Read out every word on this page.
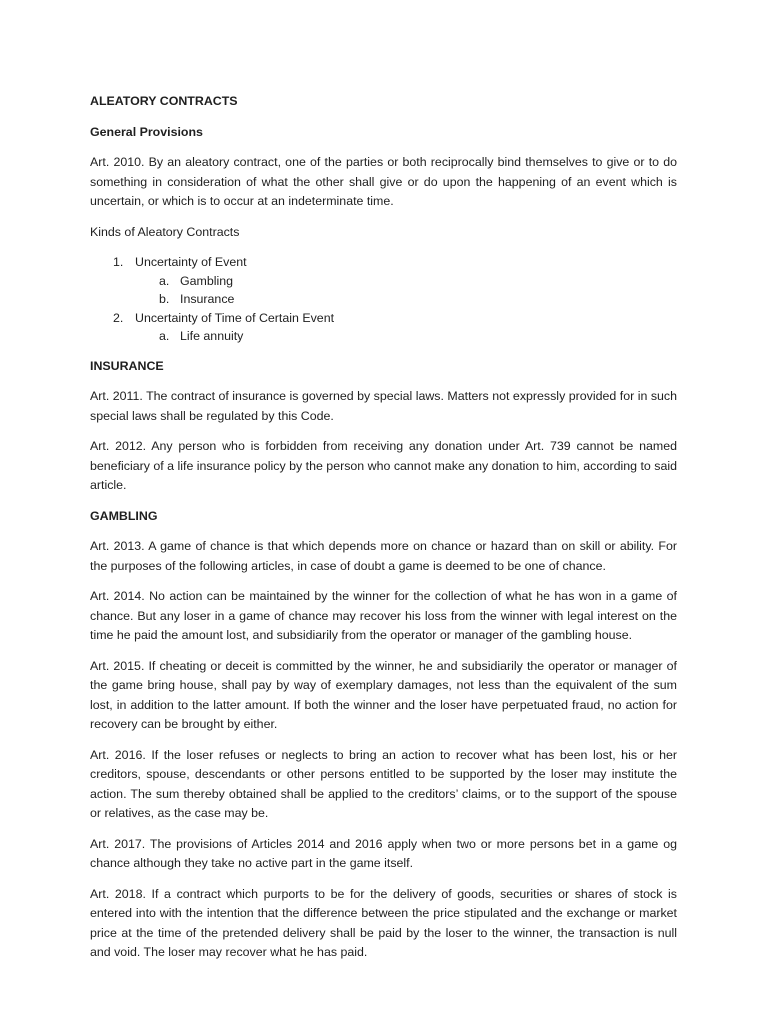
ALEATORY CONTRACTS
General Provisions
Art. 2010. By an aleatory contract, one of the parties or both reciprocally bind themselves to give or to do something in consideration of what the other shall give or do upon the happening of an event which is uncertain, or which is to occur at an indeterminate time.
Kinds of Aleatory Contracts
1. Uncertainty of Event
a. Gambling
b. Insurance
2. Uncertainty of Time of Certain Event
a. Life annuity
INSURANCE
Art. 2011. The contract of insurance is governed by special laws. Matters not expressly provided for in such special laws shall be regulated by this Code.
Art. 2012. Any person who is forbidden from receiving any donation under Art. 739 cannot be named beneficiary of a life insurance policy by the person who cannot make any donation to him, according to said article.
GAMBLING
Art. 2013. A game of chance is that which depends more on chance or hazard than on skill or ability. For the purposes of the following articles, in case of doubt a game is deemed to be one of chance.
Art. 2014. No action can be maintained by the winner for the collection of what he has won in a game of chance. But any loser in a game of chance may recover his loss from the winner with legal interest on the time he paid the amount lost, and subsidiarily from the operator or manager of the gambling house.
Art. 2015. If cheating or deceit is committed by the winner, he and subsidiarily the operator or manager of the game bring house, shall pay by way of exemplary damages, not less than the equivalent of the sum lost, in addition to the latter amount. If both the winner and the loser have perpetuated fraud, no action for recovery can be brought by either.
Art. 2016. If the loser refuses or neglects to bring an action to recover what has been lost, his or her creditors, spouse, descendants or other persons entitled to be supported by the loser may institute the action. The sum thereby obtained shall be applied to the creditors’ claims, or to the support of the spouse or relatives, as the case may be.
Art. 2017. The provisions of Articles 2014 and 2016 apply when two or more persons bet in a game og chance although they take no active part in the game itself.
Art. 2018. If a contract which purports to be for the delivery of goods, securities or shares of stock is entered into with the intention that the difference between the price stipulated and the exchange or market price at the time of the pretended delivery shall be paid by the loser to the winner, the transaction is null and void. The loser may recover what he has paid.
